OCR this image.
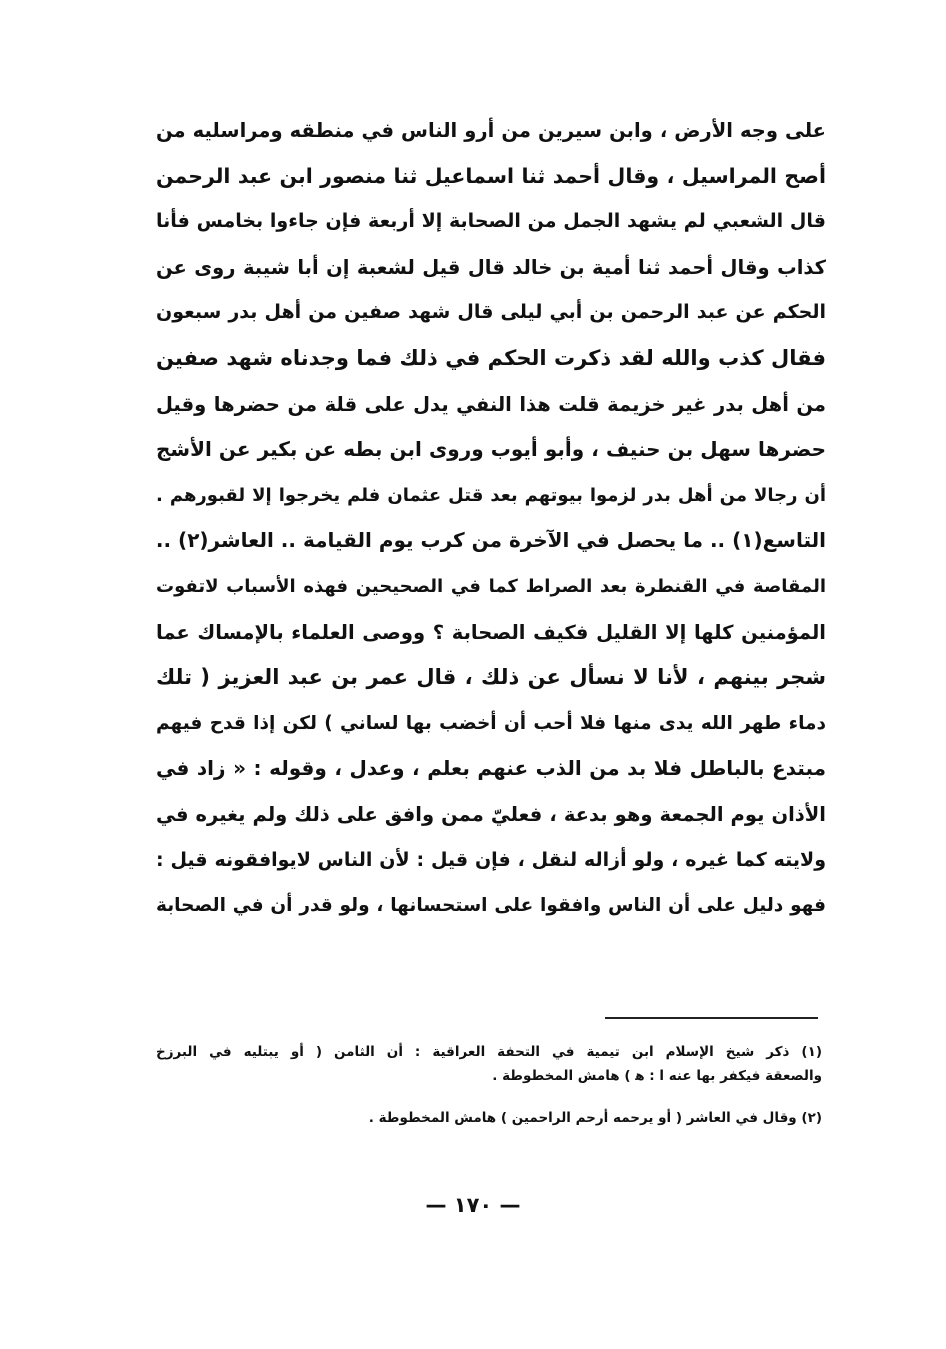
على وجه الأرض ، وابن سيرين من أرو الناس في منطقه ومراسليه من
أصح المراسيل ، وقال أحمد ثنا اسماعيل ثنا منصور ابن عبد الرحمن
قال الشعبي لم يشهد الجمل من الصحابة إلا أربعة فإن جاءوا بخامس فأنا
كذاب وقال أحمد ثنا أمية بن خالد قال قيل لشعبة إن أبا شيبة روى عن
الحكم عن عبد الرحمن بن أبي ليلى قال شهد صفين من أهل بدر سبعون
فقال كذب والله لقد ذكرت الحكم في ذلك فما وجدناه شهد صفين
من أهل بدر غير خزيمة قلت هذا النفي يدل على قلة من حضرها وقيل
حضرها سهل بن حنيف ، وأبو أيوب وروى ابن بطه عن بكير عن الأشج
أن رجالا من أهل بدر لزموا بيوتهم بعد قتل عثمان فلم يخرجوا إلا لقبورهم .
التاسع(١) .. ما يحصل في الآخرة من كرب يوم القيامة .. العاشر(٢) ..
المقاصة في القنطرة بعد الصراط كما في الصحيحين فهذه الأسباب لاتفوت
المؤمنين كلها إلا القليل فكيف الصحابة ؟ ووصى العلماء بالإمساك عما
شجر بينهم ، لأنا لا نسأل عن ذلك ، قال عمر بن عبد العزيز ( تلك
دماء طهر الله يدى منها فلا أحب أن أخضب بها لساني ) لكن إذا قدح فيهم
مبتدع بالباطل فلا بد من الذب عنهم بعلم ، وعدل ، وقوله : « زاد في
الأذان يوم الجمعة وهو بدعة ، فعليّ ممن وافق على ذلك ولم يغيره في
ولايته كما غيره ، ولو أزاله لنقل ، فإن قيل : لأن الناس لايوافقونه قيل :
فهو دليل على أن الناس وافقوا على استحسانها ، ولو قدر أن في الصحابة
(١) ذكر شيخ الإسلام ابن تيمية في التحفة العراقية : أن الثامن ( أو يبتليه في البرزخ
والصعقة فيكفر بها عنه ا : ﻫ ) هامش المخطوطة .
(٢) وقال في العاشر ( أو يرحمه أرحم الراحمين ) هامش المخطوطة .
— ١٧٠ —
